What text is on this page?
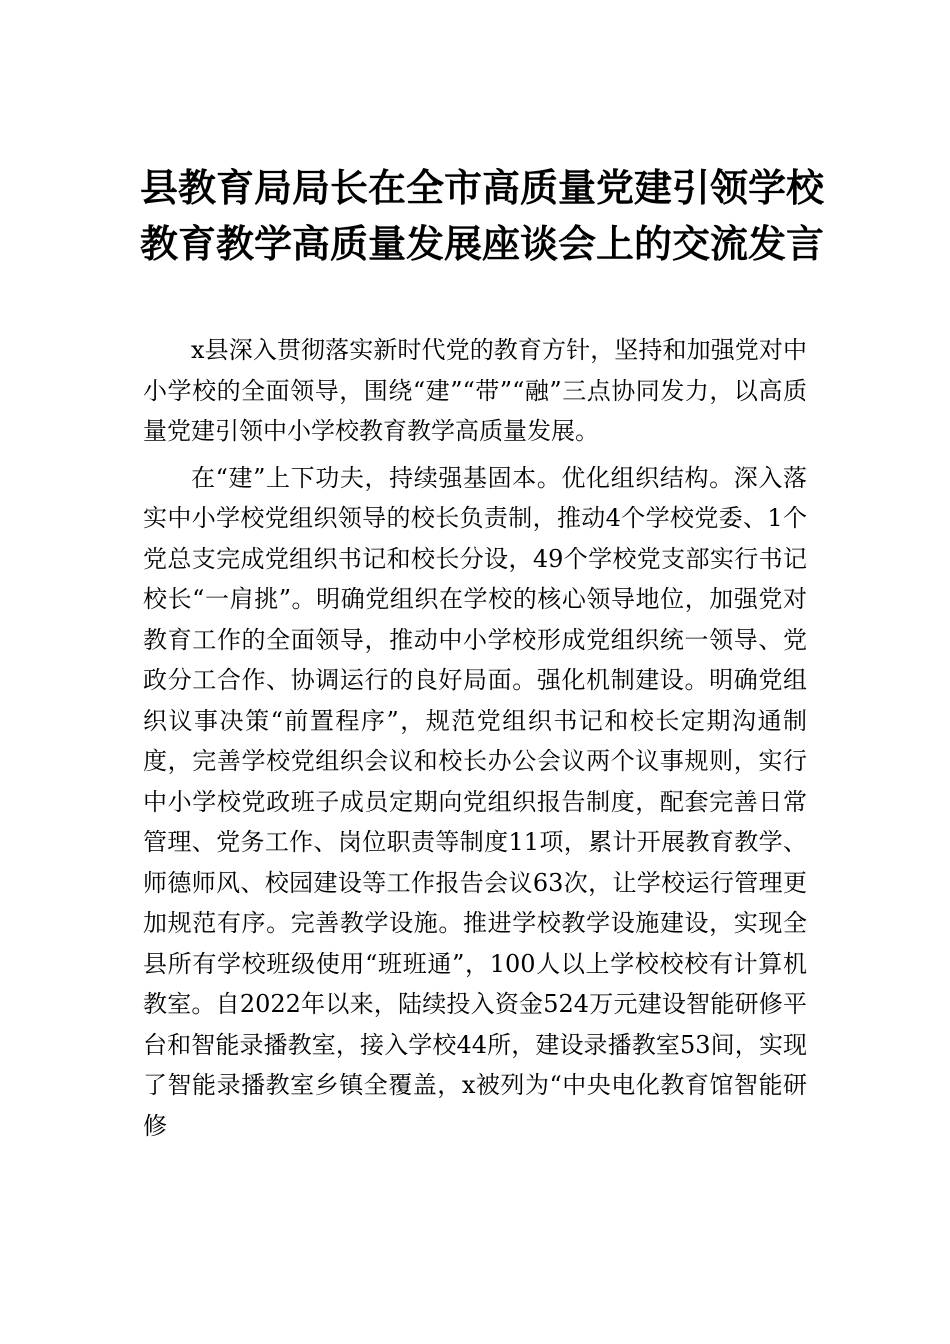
县教育局局长在全市高质量党建引领学校
教育教学高质量发展座谈会上的交流发言

x县深入贯彻落实新时代党的教育方针，坚持和加强党对中小学校的全面领导，围绕“建”“带”“融”三点协同发力，以高质量党建引领中小学校教育教学高质量发展。

在“建”上下功夫，持续强基固本。优化组织结构。深入落实中小学校党组织领导的校长负责制，推动4个学校党委、1个党总支完成党组织书记和校长分设，49个学校党支部实行书记校长“一肩挑”。明确党组织在学校的核心领导地位，加强党对教育工作的全面领导，推动中小学校形成党组织统一领导、党政分工合作、协调运行的良好局面。强化机制建设。明确党组织议事决策“前置程序”，规范党组织书记和校长定期沟通制度，完善学校党组织会议和校长办公会议两个议事规则，实行中小学校党政班子成员定期向党组织报告制度，配套完善日常管理、党务工作、岗位职责等制度11项，累计开展教育教学、师德师风、校园建设等工作报告会议63次，让学校运行管理更加规范有序。完善教学设施。推进学校教学设施建设，实现全县所有学校班级使用“班班通”，100人以上学校校校有计算机教室。自2022年以来，陆续投入资金524万元建设智能研修平台和智能录播教室，接入学校44所，建设录播教室53间，实现了智能录播教室乡镇全覆盖，x被列为“中央电化教育馆智能研修
